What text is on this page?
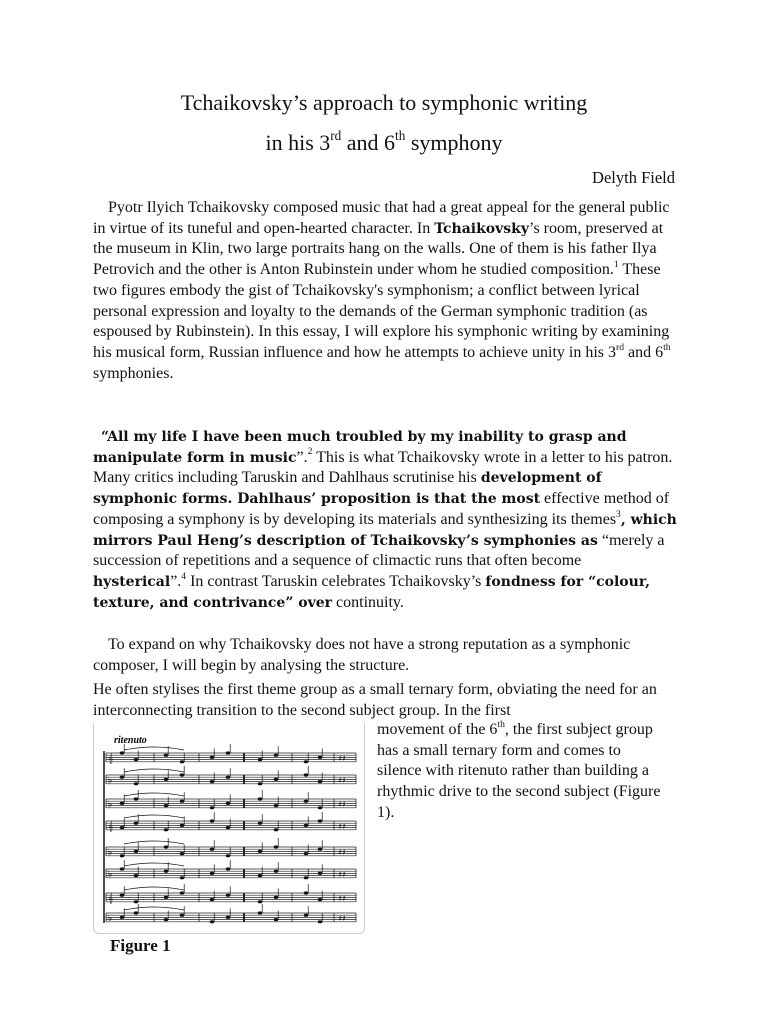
Tchaikovsky’s approach to symphonic writing
in his 3rd and 6th symphony
Delyth Field

Pyotr Ilyich Tchaikovsky composed music that had a great appeal for the general public in virtue of its tuneful and open-hearted character. In Tchaikovsky’s room, preserved at the museum in Klin, two large portraits hang on the walls. One of them is his father Ilya Petrovich and the other is Anton Rubinstein under whom he studied composition.$^1$ These two figures embody the gist of Tchaikovsky's symphonism; a conflict between lyrical personal expression and loyalty to the demands of the German symphonic tradition (as espoused by Rubinstein). In this essay, I will explore his symphonic writing by examining his musical form, Russian influence and how he attempts to achieve unity in his 3rd and 6th symphonies.

“All my life I have been much troubled by my inability to grasp and manipulate form in music”.$^2$ This is what Tchaikovsky wrote in a letter to his patron. Many critics including Taruskin and Dahlhaus scrutinise his development of symphonic forms. Dahlhaus’ proposition is that the most effective method of composing a symphony is by developing its materials and synthesizing its themes$^3$, which mirrors Paul Heng’s description of Tchaikovsky’s symphonies as “merely a succession of repetitions and a sequence of climactic runs that often become hysterical”.$^4$ In contrast Taruskin celebrates Tchaikovsky’s fondness for “colour, texture, and contrivance” over continuity.

To expand on why Tchaikovsky does not have a strong reputation as a symphonic composer, I will begin by analysing the structure.

He often stylises the first theme group as a small ternary form, obviating the need for an interconnecting transition to the second subject group. In the first

movement of the 6th, the first subject group has a small ternary form and comes to silence with ritenuto rather than building a rhythmic drive to the second subject (Figure 1).

ritenuto
𝄞	♯♯
♭	♯♯
♭	♯♯
𝄞	♯♯
♭	♯♯
♭	♯♯
𝄞	♯♯
♭	♯♯
Figure 1
